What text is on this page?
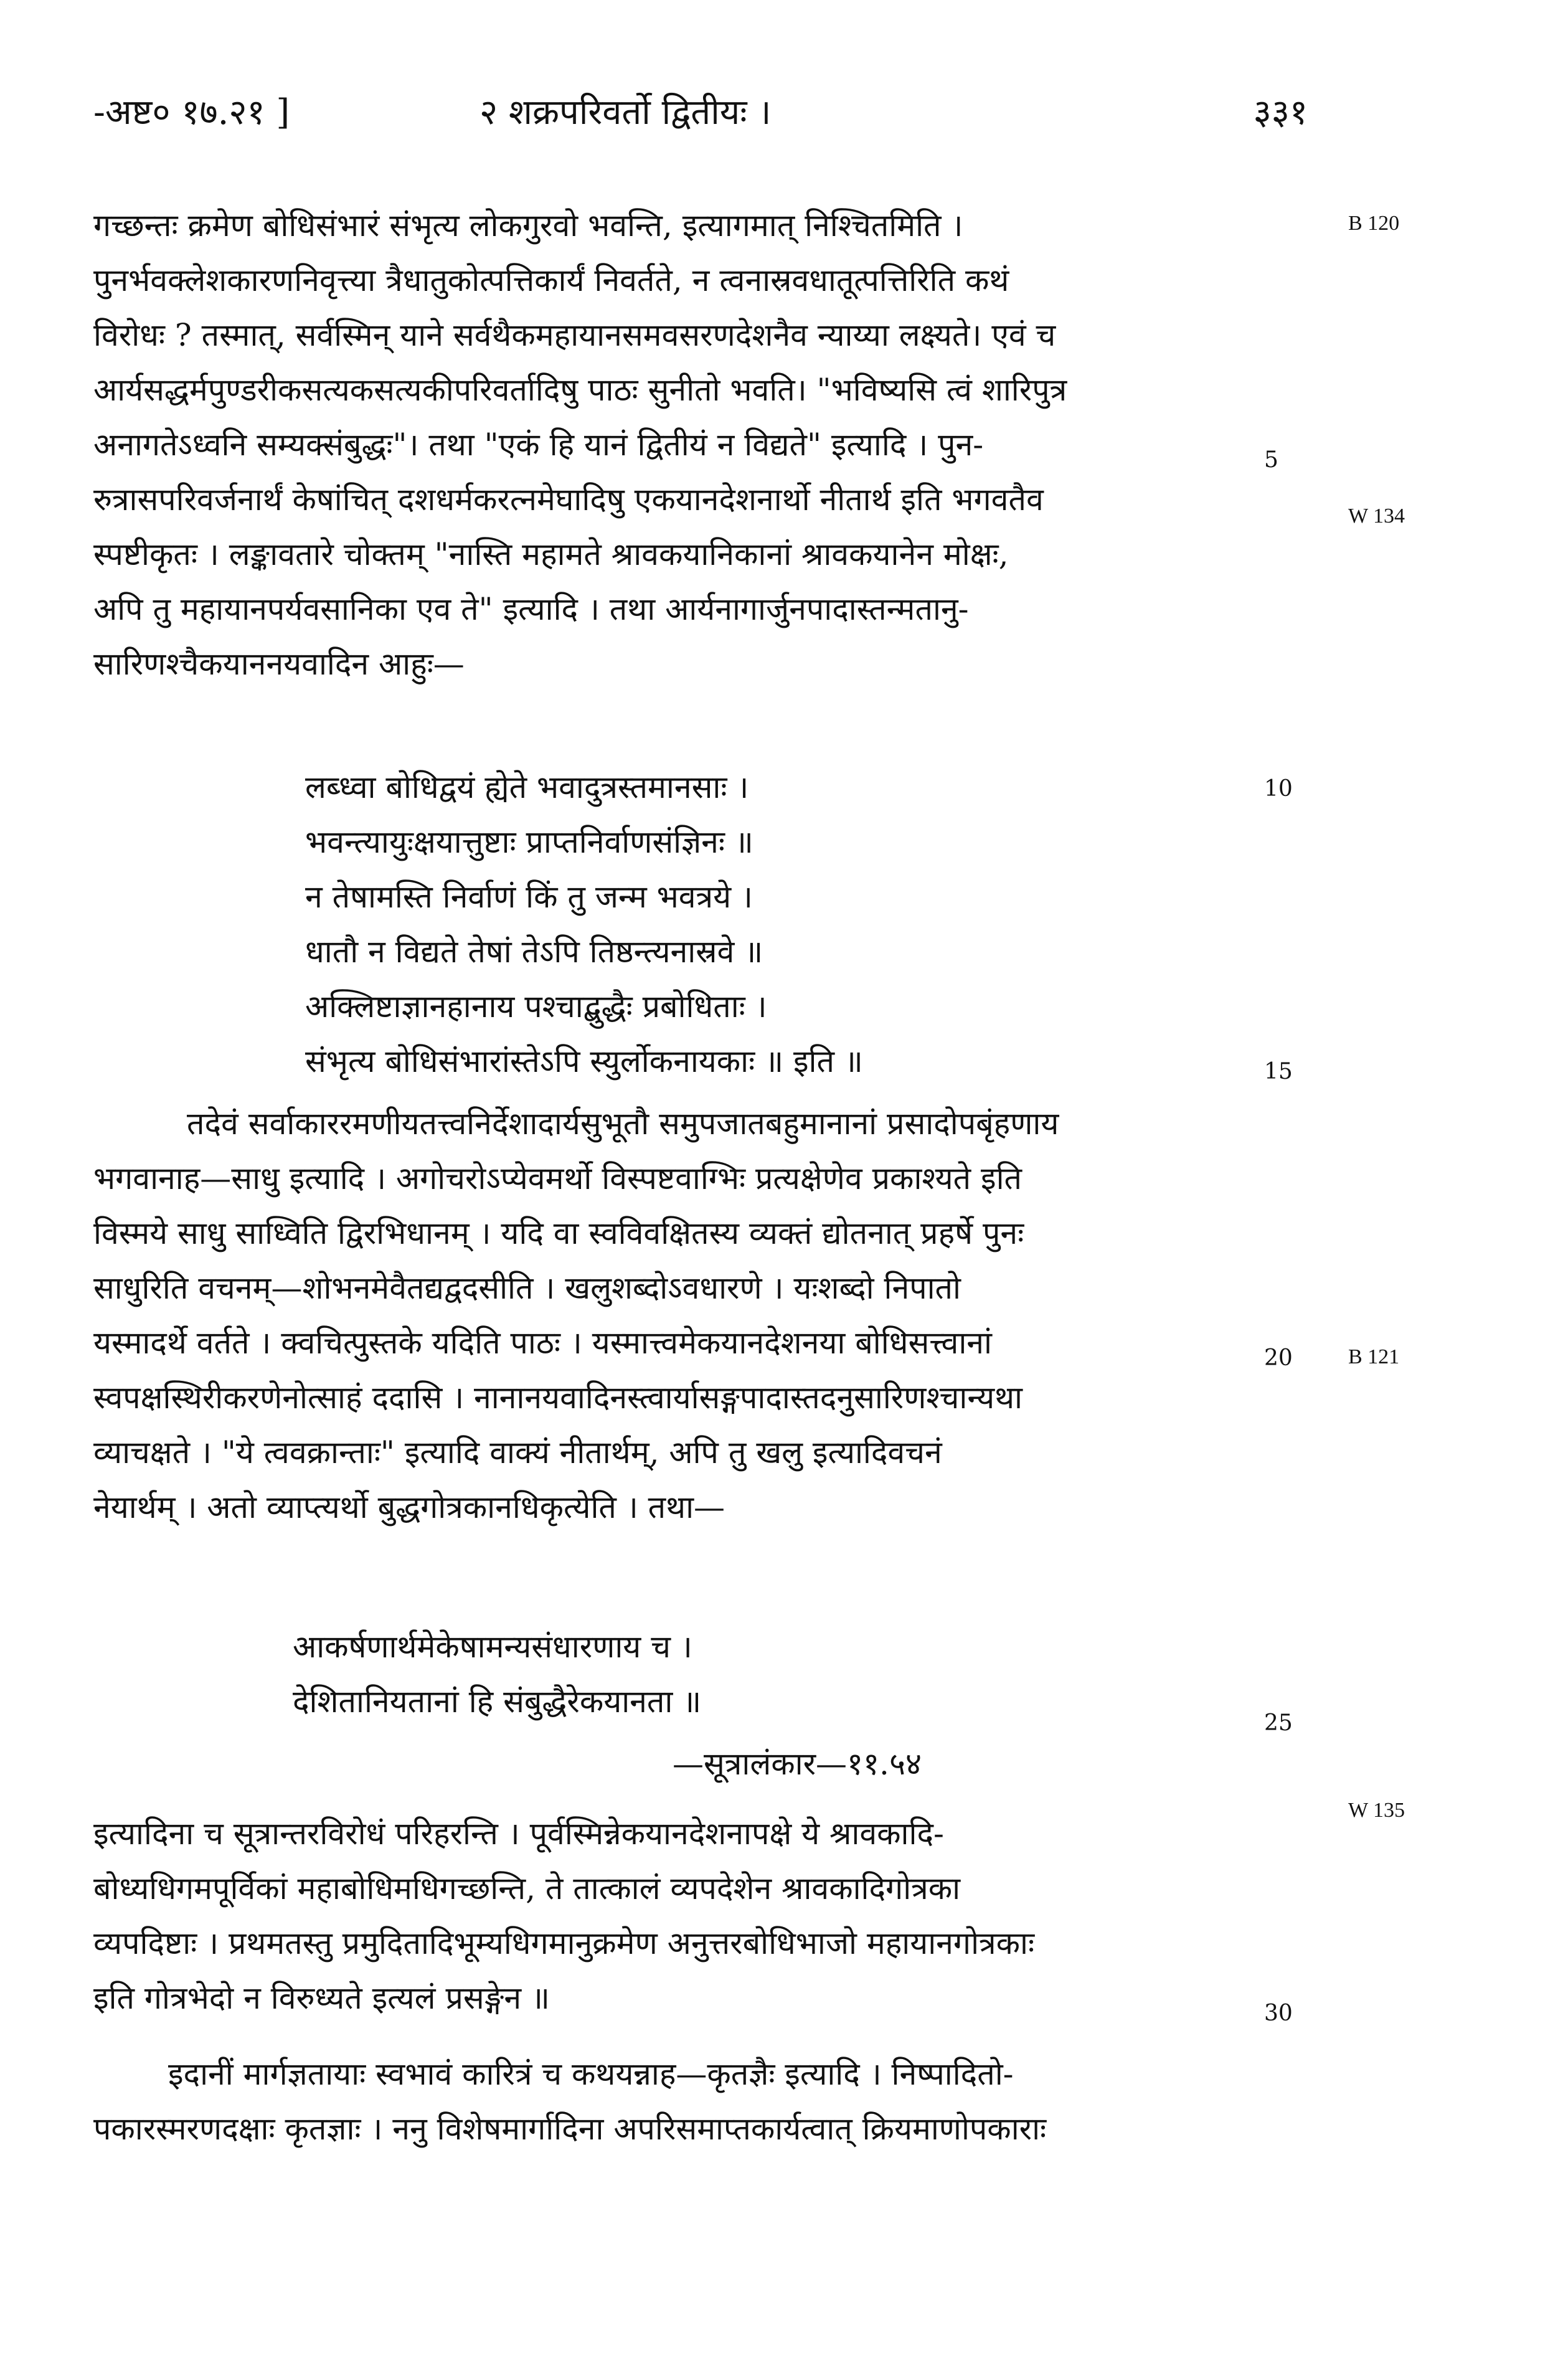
-अष्ट० १७.२१ ]	२ शक्रपरिवर्तो द्वितीयः ।	३३१
गच्छन्तः क्रमेण बोधिसंभारं संभृत्य लोकगुरवो भवन्ति, इत्यागमात् निश्चितमिति ।
पुनर्भवक्लेशकारणनिवृत्त्या त्रैधातुकोत्पत्तिकार्यं निवर्तते, न त्वनास्रवधातूत्पत्तिरिति कथं
विरोधः ? तस्मात्, सर्वस्मिन् याने सर्वथैकमहायानसमवसरणदेशनैव न्याय्या लक्ष्यते। एवं च
आर्यसद्धर्मपुण्डरीकसत्यकसत्यकीपरिवर्तादिषु पाठः सुनीतो भवति। "भविष्यसि त्वं शारिपुत्र
अनागतेऽध्वनि सम्यक्संबुद्धः"। तथा "एकं हि यानं द्वितीयं न विद्यते" इत्यादि । पुन-
रुत्रासपरिवर्जनार्थं केषांचित् दशधर्मकरत्नमेघादिषु एकयानदेशनार्थो नीतार्थ इति भगवतैव
स्पष्टीकृतः । लङ्कावतारे चोक्तम् "नास्ति महामते श्रावकयानिकानां श्रावकयानेन मोक्षः,
अपि तु महायानपर्यवसानिका एव ते" इत्यादि । तथा आर्यनागार्जुनपादास्तन्मतानु-
सारिणश्चैकयाननयवादिन आहुः—
लब्ध्वा बोधिद्वयं ह्येते भवादुत्रस्तमानसाः ।
भवन्त्यायुःक्षयात्तुष्टाः प्राप्तनिर्वाणसंज्ञिनः ॥
न तेषामस्ति निर्वाणं किं तु जन्म भवत्रये ।
धातौ न विद्यते तेषां तेऽपि तिष्ठन्त्यनास्रवे ॥
अक्लिष्टाज्ञानहानाय पश्चाद्बुद्धैः प्रबोधिताः ।
संभृत्य बोधिसंभारांस्तेऽपि स्युर्लोकनायकाः ॥ इति ॥
तदेवं सर्वाकाररमणीयतत्त्वनिर्देशादार्यसुभूतौ समुपजातबहुमानानां प्रसादोपबृंहणाय
भगवानाह—साधु इत्यादि । अगोचरोऽप्येवमर्थो विस्पष्टवाग्भिः प्रत्यक्षेणेव प्रकाश्यते इति
विस्मये साधु साध्विति द्विरभिधानम् । यदि वा स्वविवक्षितस्य व्यक्तं द्योतनात् प्रहर्षे पुनः
साधुरिति वचनम्—शोभनमेवैतद्यद्वदसीति । खलुशब्दोऽवधारणे । यःशब्दो निपातो
यस्मादर्थे वर्तते । क्वचित्पुस्तके यदिति पाठः । यस्मात्त्वमेकयानदेशनया बोधिसत्त्वानां
स्वपक्षस्थिरीकरणेनोत्साहं ददासि । नानानयवादिनस्त्वार्यासङ्गपादास्तदनुसारिणश्चान्यथा
व्याचक्षते । "ये त्ववक्रान्ताः" इत्यादि वाक्यं नीतार्थम्, अपि तु खलु इत्यादिवचनं
नेयार्थम् । अतो व्याप्त्यर्थो बुद्धगोत्रकानधिकृत्येति । तथा—
आकर्षणार्थमेकेषामन्यसंधारणाय च ।
देशितानियतानां हि संबुद्धैरेकयानता ॥
—सूत्रालंकार—११.५४
इत्यादिना च सूत्रान्तरविरोधं परिहरन्ति । पूर्वस्मिन्नेकयानदेशनापक्षे ये श्रावकादि-
बोध्यधिगमपूर्विकां महाबोधिमधिगच्छन्ति, ते तात्कालं व्यपदेशेन श्रावकादिगोत्रका
व्यपदिष्टाः । प्रथमतस्तु प्रमुदितादिभूम्यधिगमानुक्रमेण अनुत्तरबोधिभाजो महायानगोत्रकाः
इति गोत्रभेदो न विरुध्यते इत्यलं प्रसङ्गेन ॥
इदानीं मार्गज्ञतायाः स्वभावं कारित्रं च कथयन्नाह—कृतज्ञैः इत्यादि । निष्पादितो-
पकारस्मरणदक्षाः कृतज्ञाः । ननु विशेषमार्गादिना अपरिसमाप्तकार्यत्वात् क्रियमाणोपकाराः
5
10
15
20
25
30
B 120
W 134
B 121
W 135
